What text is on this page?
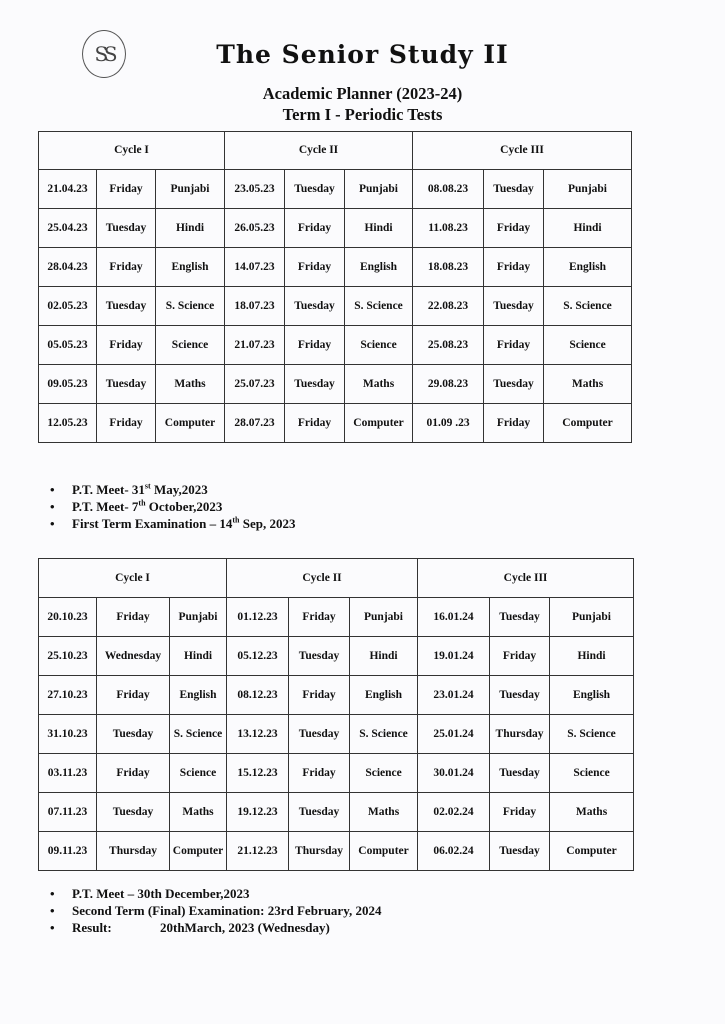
SS	The Senior Study II
Academic Planner (2023-24)
Term I - Periodic Tests
Cycle I			Cycle II			Cycle III		
21.04.23	Friday	Punjabi	23.05.23	Tuesday	Punjabi	08.08.23	Tuesday	Punjabi
25.04.23	Tuesday	Hindi	26.05.23	Friday	Hindi	11.08.23	Friday	Hindi
28.04.23	Friday	English	14.07.23	Friday	English	18.08.23	Friday	English
02.05.23	Tuesday	S. Science	18.07.23	Tuesday	S. Science	22.08.23	Tuesday	S. Science
05.05.23	Friday	Science	21.07.23	Friday	Science	25.08.23	Friday	Science
09.05.23	Tuesday	Maths	25.07.23	Tuesday	Maths	29.08.23	Tuesday	Maths
12.05.23	Friday	Computer	28.07.23	Friday	Computer	01.09 .23	Friday	Computer
• P.T. Meet- 31st May,2023
• P.T. Meet- 7th October,2023
• First Term Examination – 14th Sep, 2023
Cycle I			Cycle II			Cycle III		
20.10.23	Friday	Punjabi	01.12.23	Friday	Punjabi	16.01.24	Tuesday	Punjabi
25.10.23	Wednesday	Hindi	05.12.23	Tuesday	Hindi	19.01.24	Friday	Hindi
27.10.23	Friday	English	08.12.23	Friday	English	23.01.24	Tuesday	English
31.10.23	Tuesday	S. Science	13.12.23	Tuesday	S. Science	25.01.24	Thursday	S. Science
03.11.23	Friday	Science	15.12.23	Friday	Science	30.01.24	Tuesday	Science
07.11.23	Tuesday	Maths	19.12.23	Tuesday	Maths	02.02.24	Friday	Maths
09.11.23	Thursday	Computer	21.12.23	Thursday	Computer	06.02.24	Tuesday	Computer
• P.T. Meet – 30th December,2023
• Second Term (Final) Examination: 23rd February, 2024
• Result:	20thMarch, 2023 (Wednesday)
